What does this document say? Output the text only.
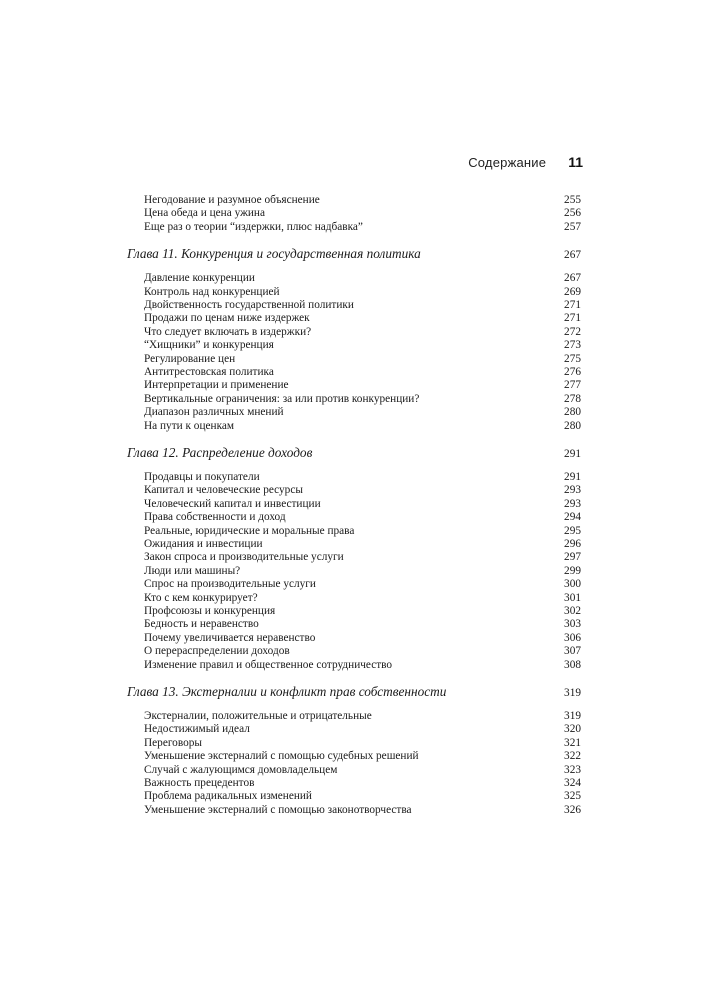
Содержание 11
Негодование и разумное объяснение	255
Цена обеда и цена ужина	256
Еще раз о теории “издержки, плюс надбавка”	257
Глава 11. Конкуренция и государственная политика	267
Давление конкуренции	267
Контроль над конкуренцией	269
Двойственность государственной политики	271
Продажи по ценам ниже издержек	271
Что следует включать в издержки?	272
“Хищники” и конкуренция	273
Регулирование цен	275
Антитрестовская политика	276
Интерпретации и применение	277
Вертикальные ограничения: за или против конкуренции?	278
Диапазон различных мнений	280
На пути к оценкам	280
Глава 12. Распределение доходов	291
Продавцы и покупатели	291
Капитал и человеческие ресурсы	293
Человеческий капитал и инвестиции	293
Права собственности и доход	294
Реальные, юридические и моральные права	295
Ожидания и инвестиции	296
Закон спроса и производительные услуги	297
Люди или машины?	299
Спрос на производительные услуги	300
Кто с кем конкурирует?	301
Профсоюзы и конкуренция	302
Бедность и неравенство	303
Почему увеличивается неравенство	306
О перераспределении доходов	307
Изменение правил и общественное сотрудничество	308
Глава 13. Экстерналии и конфликт прав собственности	319
Экстерналии, положительные и отрицательные	319
Недостижимый идеал	320
Переговоры	321
Уменьшение экстерналий с помощью судебных решений	322
Случай с жалующимся домовладельцем	323
Важность прецедентов	324
Проблема радикальных изменений	325
Уменьшение экстерналий с помощью законотворчества	326
